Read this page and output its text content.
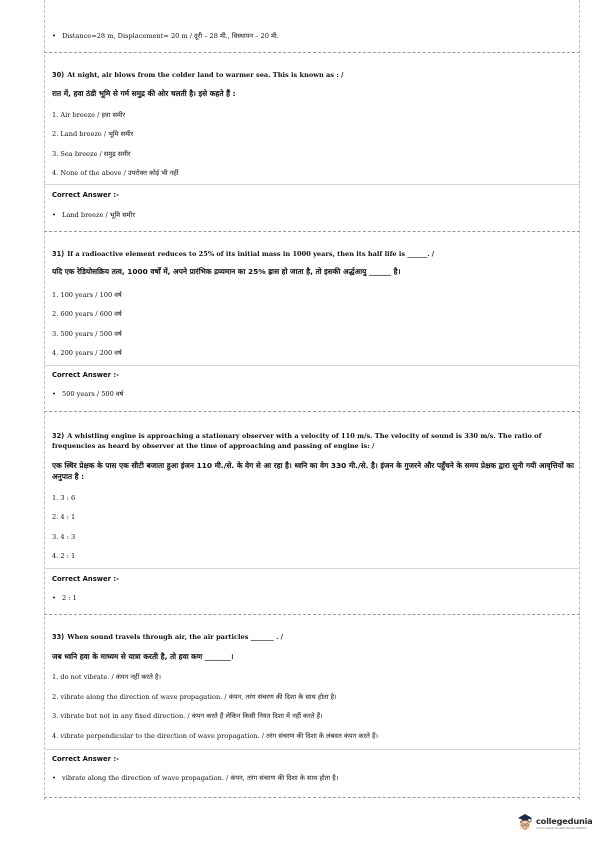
• Distance=28 m, Displacement= 20 m / दूरी – 28 मी., विस्थापन – 20 मी.
30) At night, air blows from the colder land to warmer sea. This is known as : /
रात में, हवा ठंडी भूमि से गर्म समुद्र की ओर चलती है। इसे कहते हैं :
1. Air breeze / हवा समीर
2. Land breeze / भूमि समीर
3. Sea breeze / समुद्र समीर
4. None of the above / उपरोक्त कोई भी नहीं
Correct Answer :-
• Land breeze / भूमि समीर
31) If a radioactive element reduces to 25% of its initial mass in 1000 years, then its half life is ______. /
यदि एक रेडियोसक्रिय तत्व, 1000 वर्षों में, अपने प्रारंभिक द्रव्यमान का 25% ह्रास हो जाता है, तो इसकी अर्द्धआयु ______ है।
1. 100 years / 100 वर्ष
2. 600 years / 600 वर्ष
3. 500 years / 500 वर्ष
4. 200 years / 200 वर्ष
Correct Answer :-
• 500 years / 500 वर्ष
32) A whistling engine is approaching a stationary observer with a velocity of 110 m/s. The velocity of sound is 330 m/s. The ratio of frequencies as heard by observer at the time of approaching and passing of engine is: /
एक स्थिर प्रेक्षक के पास एक सीटी बजाता हुआ इंजन 110 मी./से. के वेग से आ रहा है। ध्वनि का वेग 330 मी./से. है। इंजन के गुजरने और पहुँचने के समय प्रेक्षक द्वारा सुनी गयी आवृत्तियों का अनुपात है :
1. 3 : 6
2. 4 : 1
3. 4 : 3
4. 2 : 1
Correct Answer :-
• 2 : 1
33) When sound travels through air, the air particles _______ . /
जब ध्वनि हवा के माध्यम से यात्रा करती है, तो हवा कण _______।
1. do not vibrate. / कंपन नहीं करते है।
2. vibrate along the direction of wave propagation. / कंपन, तरंग संचरण की दिशा के साथ होता है।
3. vibrate but not in any fixed direction. / कंपन करते हैं लेकिन किसी नियत दिशा में नहीं करते हैं।
4. vibrate perpendicular to the direction of wave propagation. / तरंग संचरण की दिशा के लंबवत कंपन करते हैं।
Correct Answer :-
• vibrate along the direction of wave propagation. / कंपन, तरंग संचरण की दिशा के साथ होता है।
collegedunia
India's largest Student Review Platform
